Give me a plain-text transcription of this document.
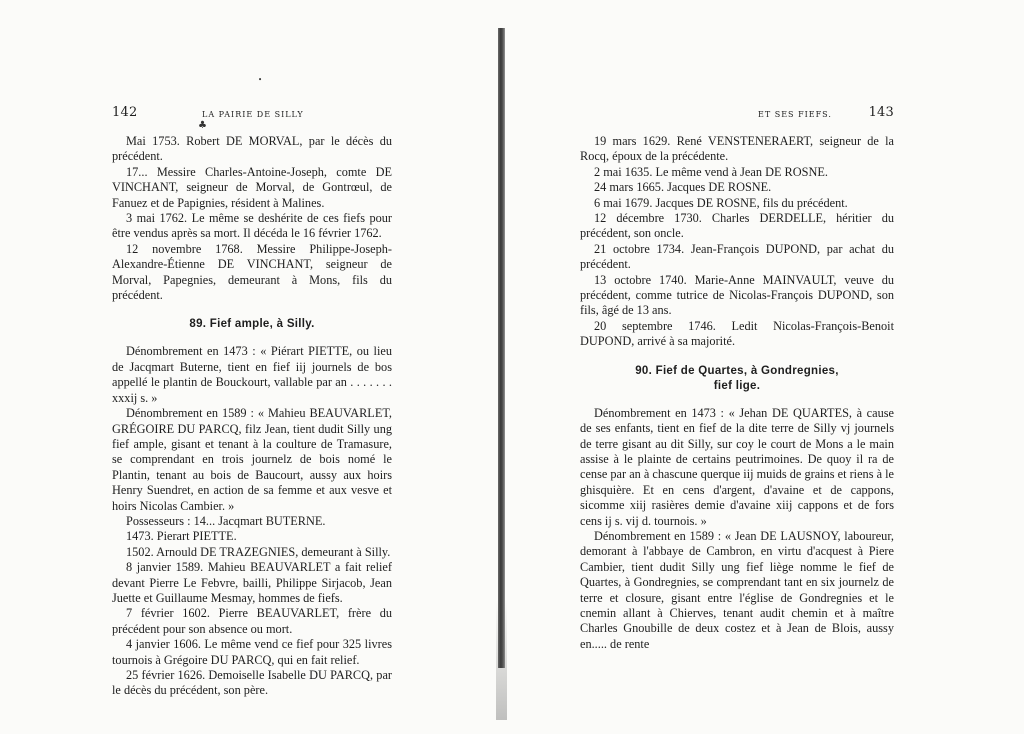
142	LA PAIRIE DE SILLY
♣
•

Mai 1753. Robert DE MORVAL, par le décès du précédent.

17... Messire Charles-Antoine-Joseph, comte DE VINCHANT, seigneur de Morval, de Gontrœul, de Fanuez et de Papignies, résident à Malines.

3 mai 1762. Le même se deshérite de ces fiefs pour être vendus après sa mort. Il décéda le 16 février 1762.

12 novembre 1768. Messire Philippe-Joseph-Alexandre-Étienne DE VINCHANT, seigneur de Morval, Papegnies, demeurant à Mons, fils du précédent.

89. Fief ample, à Silly.

Dénombrement en 1473 : « Piérart PIETTE, ou lieu de Jacqmart Buterne, tient en fief iij journels de bos appellé le plantin de Bouckourt, vallable par an . . . . . . . xxxij s. »

Dénombrement en 1589 : « Mahieu BEAUVARLET, GRÉGOIRE DU PARCQ, filz Jean, tient dudit Silly ung fief ample, gisant et tenant à la coulture de Tramasure, se comprendant en trois journelz de bois nomé le Plantin, tenant au bois de Baucourt, aussy aux hoirs Henry Suendret, en action de sa femme et aux vesve et hoirs Nicolas Cambier. »

Possesseurs : 14... Jacqmart BUTERNE.

1473. Pierart PIETTE.

1502. Arnould DE TRAZEGNIES, demeurant à Silly.

8 janvier 1589. Mahieu BEAUVARLET a fait relief devant Pierre Le Febvre, bailli, Philippe Sirjacob, Jean Juette et Guillaume Mesmay, hommes de fiefs.

7 février 1602. Pierre BEAUVARLET, frère du précédent pour son absence ou mort.

4 janvier 1606. Le même vend ce fief pour 325 livres tournois à Grégoire DU PARCQ, qui en fait relief.

25 février 1626. Demoiselle Isabelle DU PARCQ, par le décès du précédent, son père.

ET SES FIEFS.	143

19 mars 1629. René VENSTENERAERT, seigneur de la Rocq, époux de la précédente.

2 mai 1635. Le même vend à Jean DE ROSNE.

24 mars 1665. Jacques DE ROSNE.

6 mai 1679. Jacques DE ROSNE, fils du précédent.

12 décembre 1730. Charles DERDELLE, héritier du précédent, son oncle.

21 octobre 1734. Jean-François DUPOND, par achat du précédent.

13 octobre 1740. Marie-Anne MAINVAULT, veuve du précédent, comme tutrice de Nicolas-François DUPOND, son fils, âgé de 13 ans.

20 septembre 1746. Ledit Nicolas-François-Benoit DUPOND, arrivé à sa majorité.

90. Fief de Quartes, à Gondregnies,
fief lige.

Dénombrement en 1473 : « Jehan DE QUARTES, à cause de ses enfants, tient en fief de la dite terre de Silly vj journels de terre gisant au dit Silly, sur coy le court de Mons a le main assise à le plainte de certains peutrimoines. De quoy il ra de cense par an à chascune querque iij muids de grains et riens à le ghisquière. Et en cens d'argent, d'avaine et de cappons, sicomme xiij rasières demie d'avaine xiij cappons et de fors cens ij s. vij d. tournois. »

Dénombrement en 1589 : « Jean DE LAUSNOY, laboureur, demorant à l'abbaye de Cambron, en virtu d'acquest à Piere Cambier, tient dudit Silly ung fief liège nomme le fief de Quartes, à Gondregnies, se comprendant tant en six journelz de terre et closure, gisant entre l'église de Gondregnies et le cnemin allant à Chierves, tenant audit chemin et à maître Charles Gnoubille de deux costez et à Jean de Blois, aussy en..... de rente
